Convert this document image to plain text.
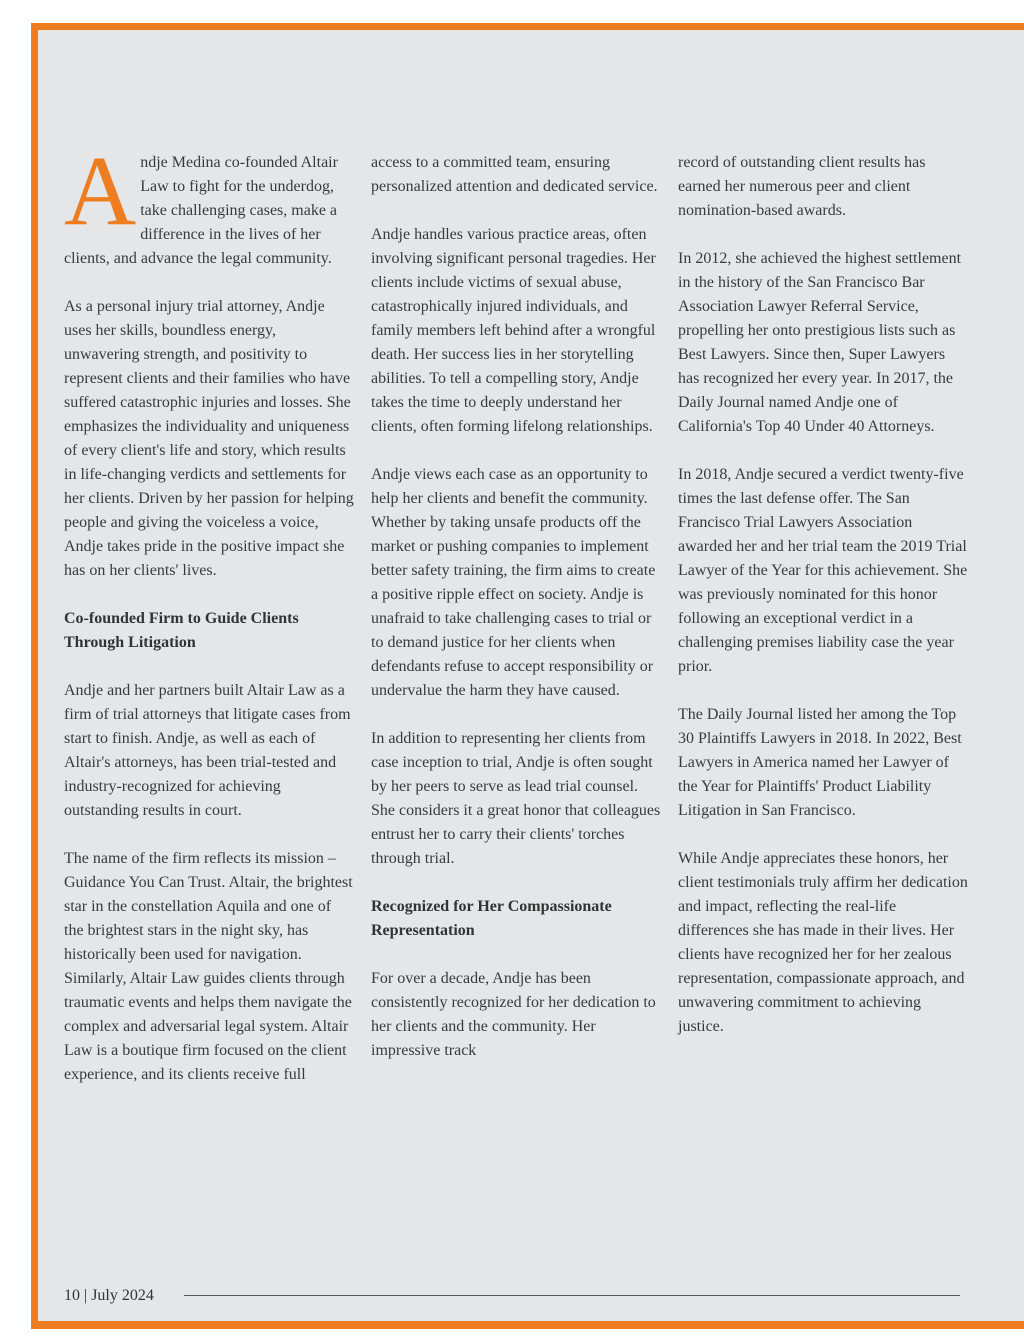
Andje Medina co-founded Altair Law to fight for the underdog, take challenging cases, make a difference in the lives of her clients, and advance the legal community.

As a personal injury trial attorney, Andje uses her skills, boundless energy, unwavering strength, and positivity to represent clients and their families who have suffered catastrophic injuries and losses. She emphasizes the individuality and uniqueness of every client's life and story, which results in life-changing verdicts and settlements for her clients. Driven by her passion for helping people and giving the voiceless a voice, Andje takes pride in the positive impact she has on her clients' lives.

Co-founded Firm to Guide Clients Through Litigation

Andje and her partners built Altair Law as a firm of trial attorneys that litigate cases from start to finish. Andje, as well as each of Altair's attorneys, has been trial-tested and industry-recognized for achieving outstanding results in court.

The name of the firm reflects its mission – Guidance You Can Trust. Altair, the brightest star in the constellation Aquila and one of the brightest stars in the night sky, has historically been used for navigation. Similarly, Altair Law guides clients through traumatic events and helps them navigate the complex and adversarial legal system. Altair Law is a boutique firm focused on the client experience, and its clients receive full

access to a committed team, ensuring personalized attention and dedicated service.

Andje handles various practice areas, often involving significant personal tragedies. Her clients include victims of sexual abuse, catastrophically injured individuals, and family members left behind after a wrongful death. Her success lies in her storytelling abilities. To tell a compelling story, Andje takes the time to deeply understand her clients, often forming lifelong relationships.

Andje views each case as an opportunity to help her clients and benefit the community. Whether by taking unsafe products off the market or pushing companies to implement better safety training, the firm aims to create a positive ripple effect on society. Andje is unafraid to take challenging cases to trial or to demand justice for her clients when defendants refuse to accept responsibility or undervalue the harm they have caused.

In addition to representing her clients from case inception to trial, Andje is often sought by her peers to serve as lead trial counsel. She considers it a great honor that colleagues entrust her to carry their clients' torches through trial.

Recognized for Her Compassionate Representation

For over a decade, Andje has been consistently recognized for her dedication to her clients and the community. Her impressive track

record of outstanding client results has earned her numerous peer and client nomination-based awards.

In 2012, she achieved the highest settlement in the history of the San Francisco Bar Association Lawyer Referral Service, propelling her onto prestigious lists such as Best Lawyers. Since then, Super Lawyers has recognized her every year. In 2017, the Daily Journal named Andje one of California's Top 40 Under 40 Attorneys.

In 2018, Andje secured a verdict twenty-five times the last defense offer. The San Francisco Trial Lawyers Association awarded her and her trial team the 2019 Trial Lawyer of the Year for this achievement. She was previously nominated for this honor following an exceptional verdict in a challenging premises liability case the year prior.

The Daily Journal listed her among the Top 30 Plaintiffs Lawyers in 2018. In 2022, Best Lawyers in America named her Lawyer of the Year for Plaintiffs' Product Liability Litigation in San Francisco.

While Andje appreciates these honors, her client testimonials truly affirm her dedication and impact, reflecting the real-life differences she has made in their lives. Her clients have recognized her for her zealous representation, compassionate approach, and unwavering commitment to achieving justice.

10 | July 2024
